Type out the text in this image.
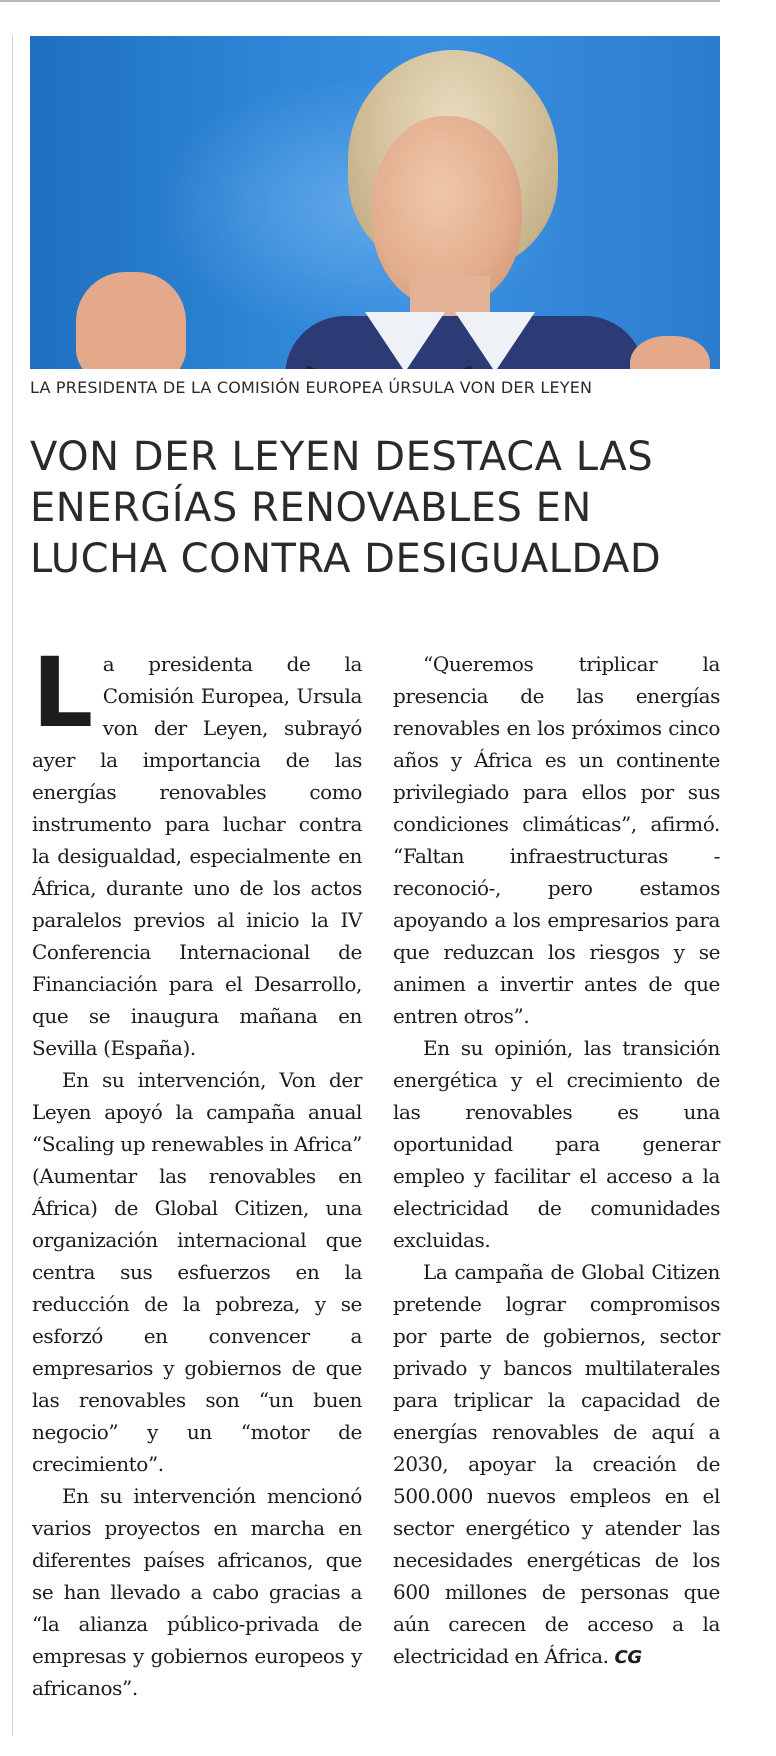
LA PRESIDENTA DE LA COMISIÓN EUROPEA ÚRSULA VON DER LEYEN
VON DER LEYEN DESTACA LAS
ENERGÍAS RENOVABLES EN
LUCHA CONTRA DESIGUALDAD

La presidenta de la Comisión Europea, Ursula von der Leyen, subrayó ayer la importancia de las energías renovables como instrumento para luchar contra la desigualdad, especialmente en África, durante uno de los actos paralelos previos al inicio la IV Conferencia Internacional de Financiación para el Desarrollo, que se inaugura mañana en Sevilla (España).

En su intervención, Von der Leyen apoyó la campaña anual “Scaling up renewables in Africa” (Aumentar las renovables en África) de Global Citizen, una organización internacional que centra sus esfuerzos en la reducción de la pobreza, y se esforzó en convencer a empresarios y gobiernos de que las renovables son “un buen negocio” y un “motor de crecimiento”.

En su intervención mencionó varios proyectos en marcha en diferentes países africanos, que se han llevado a cabo gracias a “la alianza público-privada de empresas y gobiernos europeos y africanos”.

“Queremos triplicar la presencia de las energías renovables en los próximos cinco años y África es un continente privilegiado para ellos por sus condiciones climáticas”, afirmó. “Faltan infraestructuras -reconoció-, pero estamos apoyando a los empresarios para que reduzcan los riesgos y se animen a invertir antes de que entren otros”.

En su opinión, las transición energética y el crecimiento de las renovables es una oportunidad para generar empleo y facilitar el acceso a la electricidad de comunidades excluidas.

La campaña de Global Citizen pretende lograr compromisos por parte de gobiernos, sector privado y bancos multilaterales para triplicar la capacidad de energías renovables de aquí a 2030, apoyar la creación de 500.000 nuevos empleos en el sector energético y atender las necesidades energéticas de los 600 millones de personas que aún carecen de acceso a la electricidad en África. CG
